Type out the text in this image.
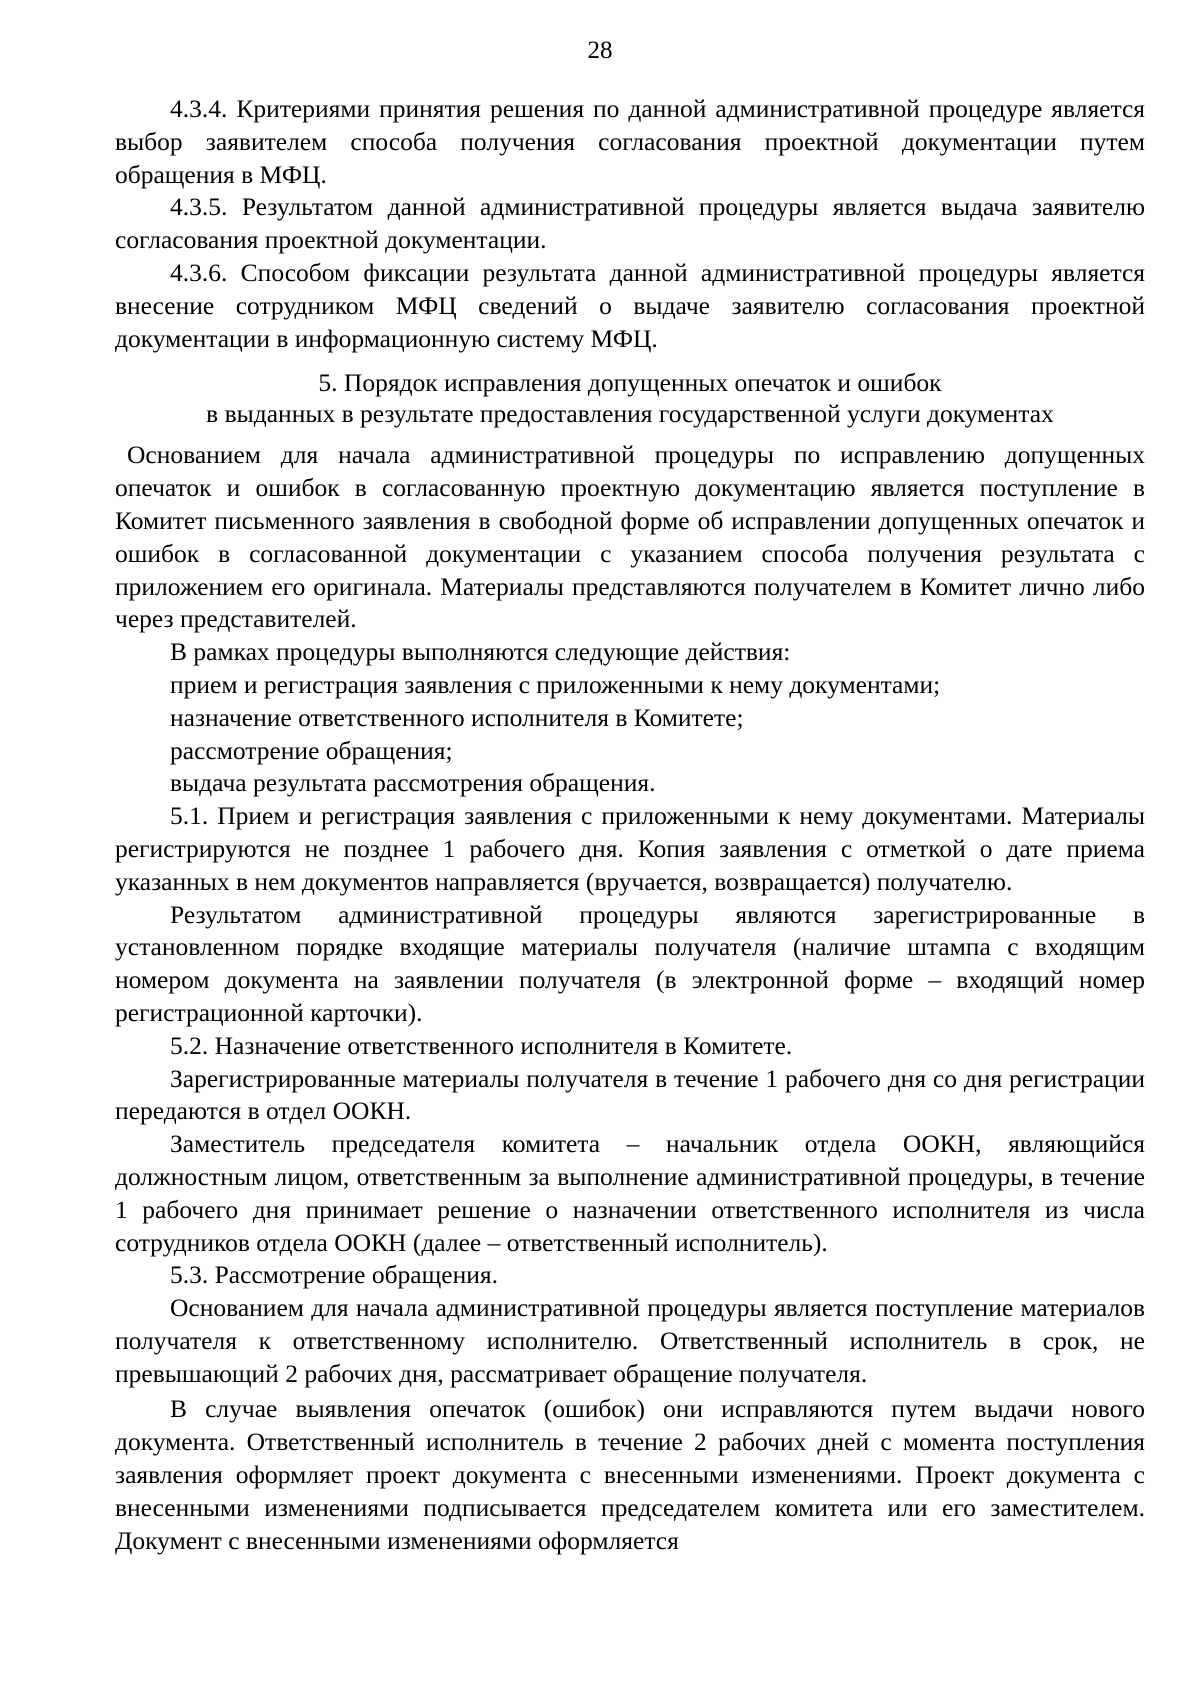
28

4.3.4. Критериями принятия решения по данной административной процедуре является выбор заявителем способа получения согласования проектной документации путем обращения в МФЦ.

4.3.5. Результатом данной административной процедуры является выдача заявителю согласования проектной документации.

4.3.6. Способом фиксации результата данной административной процедуры является внесение сотрудником МФЦ сведений о выдаче заявителю согласования проектной документации в информационную систему МФЦ.

5. Порядок исправления допущенных опечаток и ошибок
в выданных в результате предоставления государственной услуги документах

Основанием для начала административной процедуры по исправлению допущенных опечаток и ошибок в согласованную проектную документацию является поступление в Комитет письменного заявления в свободной форме об исправлении допущенных опечаток и ошибок в согласованной документации с указанием способа получения результата с приложением его оригинала. Материалы представляются получателем в Комитет лично либо через представителей.

В рамках процедуры выполняются следующие действия:

прием и регистрация заявления с приложенными к нему документами;

назначение ответственного исполнителя в Комитете;

рассмотрение обращения;

выдача результата рассмотрения обращения.

5.1. Прием и регистрация заявления с приложенными к нему документами. Материалы регистрируются не позднее 1 рабочего дня. Копия заявления с отметкой о дате приема указанных в нем документов направляется (вручается, возвращается) получателю.

Результатом административной процедуры являются зарегистрированные в установленном порядке входящие материалы получателя (наличие штампа с входящим номером документа на заявлении получателя (в электронной форме – входящий номер регистрационной карточки).

5.2. Назначение ответственного исполнителя в Комитете.

Зарегистрированные материалы получателя в течение 1 рабочего дня со дня регистрации передаются в отдел ООКН.

Заместитель председателя комитета – начальник отдела ООКН, являющийся должностным лицом, ответственным за выполнение административной процедуры, в течение 1 рабочего дня принимает решение о назначении ответственного исполнителя из числа сотрудников отдела ООКН (далее – ответственный исполнитель).

5.3. Рассмотрение обращения.

Основанием для начала административной процедуры является поступление материалов получателя к ответственному исполнителю. Ответственный исполнитель в срок, не превышающий 2 рабочих дня, рассматривает обращение получателя.

В случае выявления опечаток (ошибок) они исправляются путем выдачи нового документа. Ответственный исполнитель в течение 2 рабочих дней с момента поступления заявления оформляет проект документа с внесенными изменениями. Проект документа с внесенными изменениями подписывается председателем комитета или его заместителем. Документ с внесенными изменениями оформляется
